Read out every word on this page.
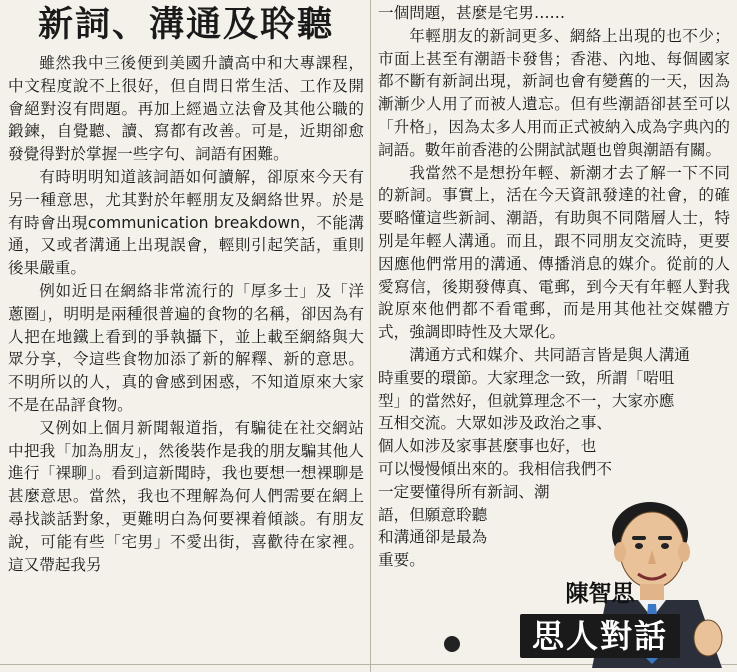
新詞、溝通及聆聽

雖然我中三後便到美國升讀高中和大專課程，中文程度說不上很好，但自問日常生活、工作及開會絕對沒有問題。再加上經過立法會及其他公職的鍛鍊，自覺聽、讀、寫都有改善。可是，近期卻愈發覺得對於掌握一些字句、詞語有困難。

有時明明知道該詞語如何讀解，卻原來今天有另一種意思，尤其對於年輕朋友及網絡世界。於是有時會出現communication breakdown，不能溝通，又或者溝通上出現誤會，輕則引起笑話，重則後果嚴重。

例如近日在網絡非常流行的「厚多士」及「洋蔥圈」，明明是兩種很普遍的食物的名稱，卻因為有人把在地鐵上看到的爭執攝下，並上載至網絡與大眾分享，令這些食物加添了新的解釋、新的意思。不明所以的人，真的會感到困惑，不知道原來大家不是在品評食物。

又例如上個月新聞報道指，有騙徒在社交網站中把我「加為朋友」，然後裝作是我的朋友騙其他人進行「裸聊」。看到這新聞時，我也要想一想裸聊是甚麼意思。當然，我也不理解為何人們需要在網上尋找談話對象，更難明白為何要裸着傾談。有朋友說，可能有些「宅男」不愛出街，喜歡待在家裡。這又帶起我另

一個問題，甚麼是宅男……

年輕朋友的新詞更多、網絡上出現的也不少；市面上甚至有潮語卡發售；香港、內地、每個國家都不斷有新詞出現，新詞也會有變舊的一天，因為漸漸少人用了而被人遺忘。但有些潮語卻甚至可以「升格」，因為太多人用而正式被納入成為字典內的詞語。數年前香港的公開試試題也曾與潮語有關。

我當然不是想扮年輕、新潮才去了解一下不同的新詞。事實上，活在今天資訊發達的社會，的確要略懂這些新詞、潮語，有助與不同階層人士，特別是年輕人溝通。而且，跟不同朋友交流時，更要因應他們常用的溝通、傳播消息的媒介。從前的人愛寫信，後期發傳真、電郵，到今天有年輕人對我說原來他們都不看電郵，而是用其他社交媒體方式，強調即時性及大眾化。

溝通方式和媒介、共同語言皆是與人溝通
時重要的環節。大家理念一致，所謂「啱咀
型」的當然好，但就算理念不一，大家亦應
互相交流。大眾如涉及政治之事、
個人如涉及家事甚麼事也好，也
可以慢慢傾出來的。我相信我們不
一定要懂得所有新詞、潮
語，但願意聆聽
和溝通卻是最為
重要。
陳智思
思人對話
